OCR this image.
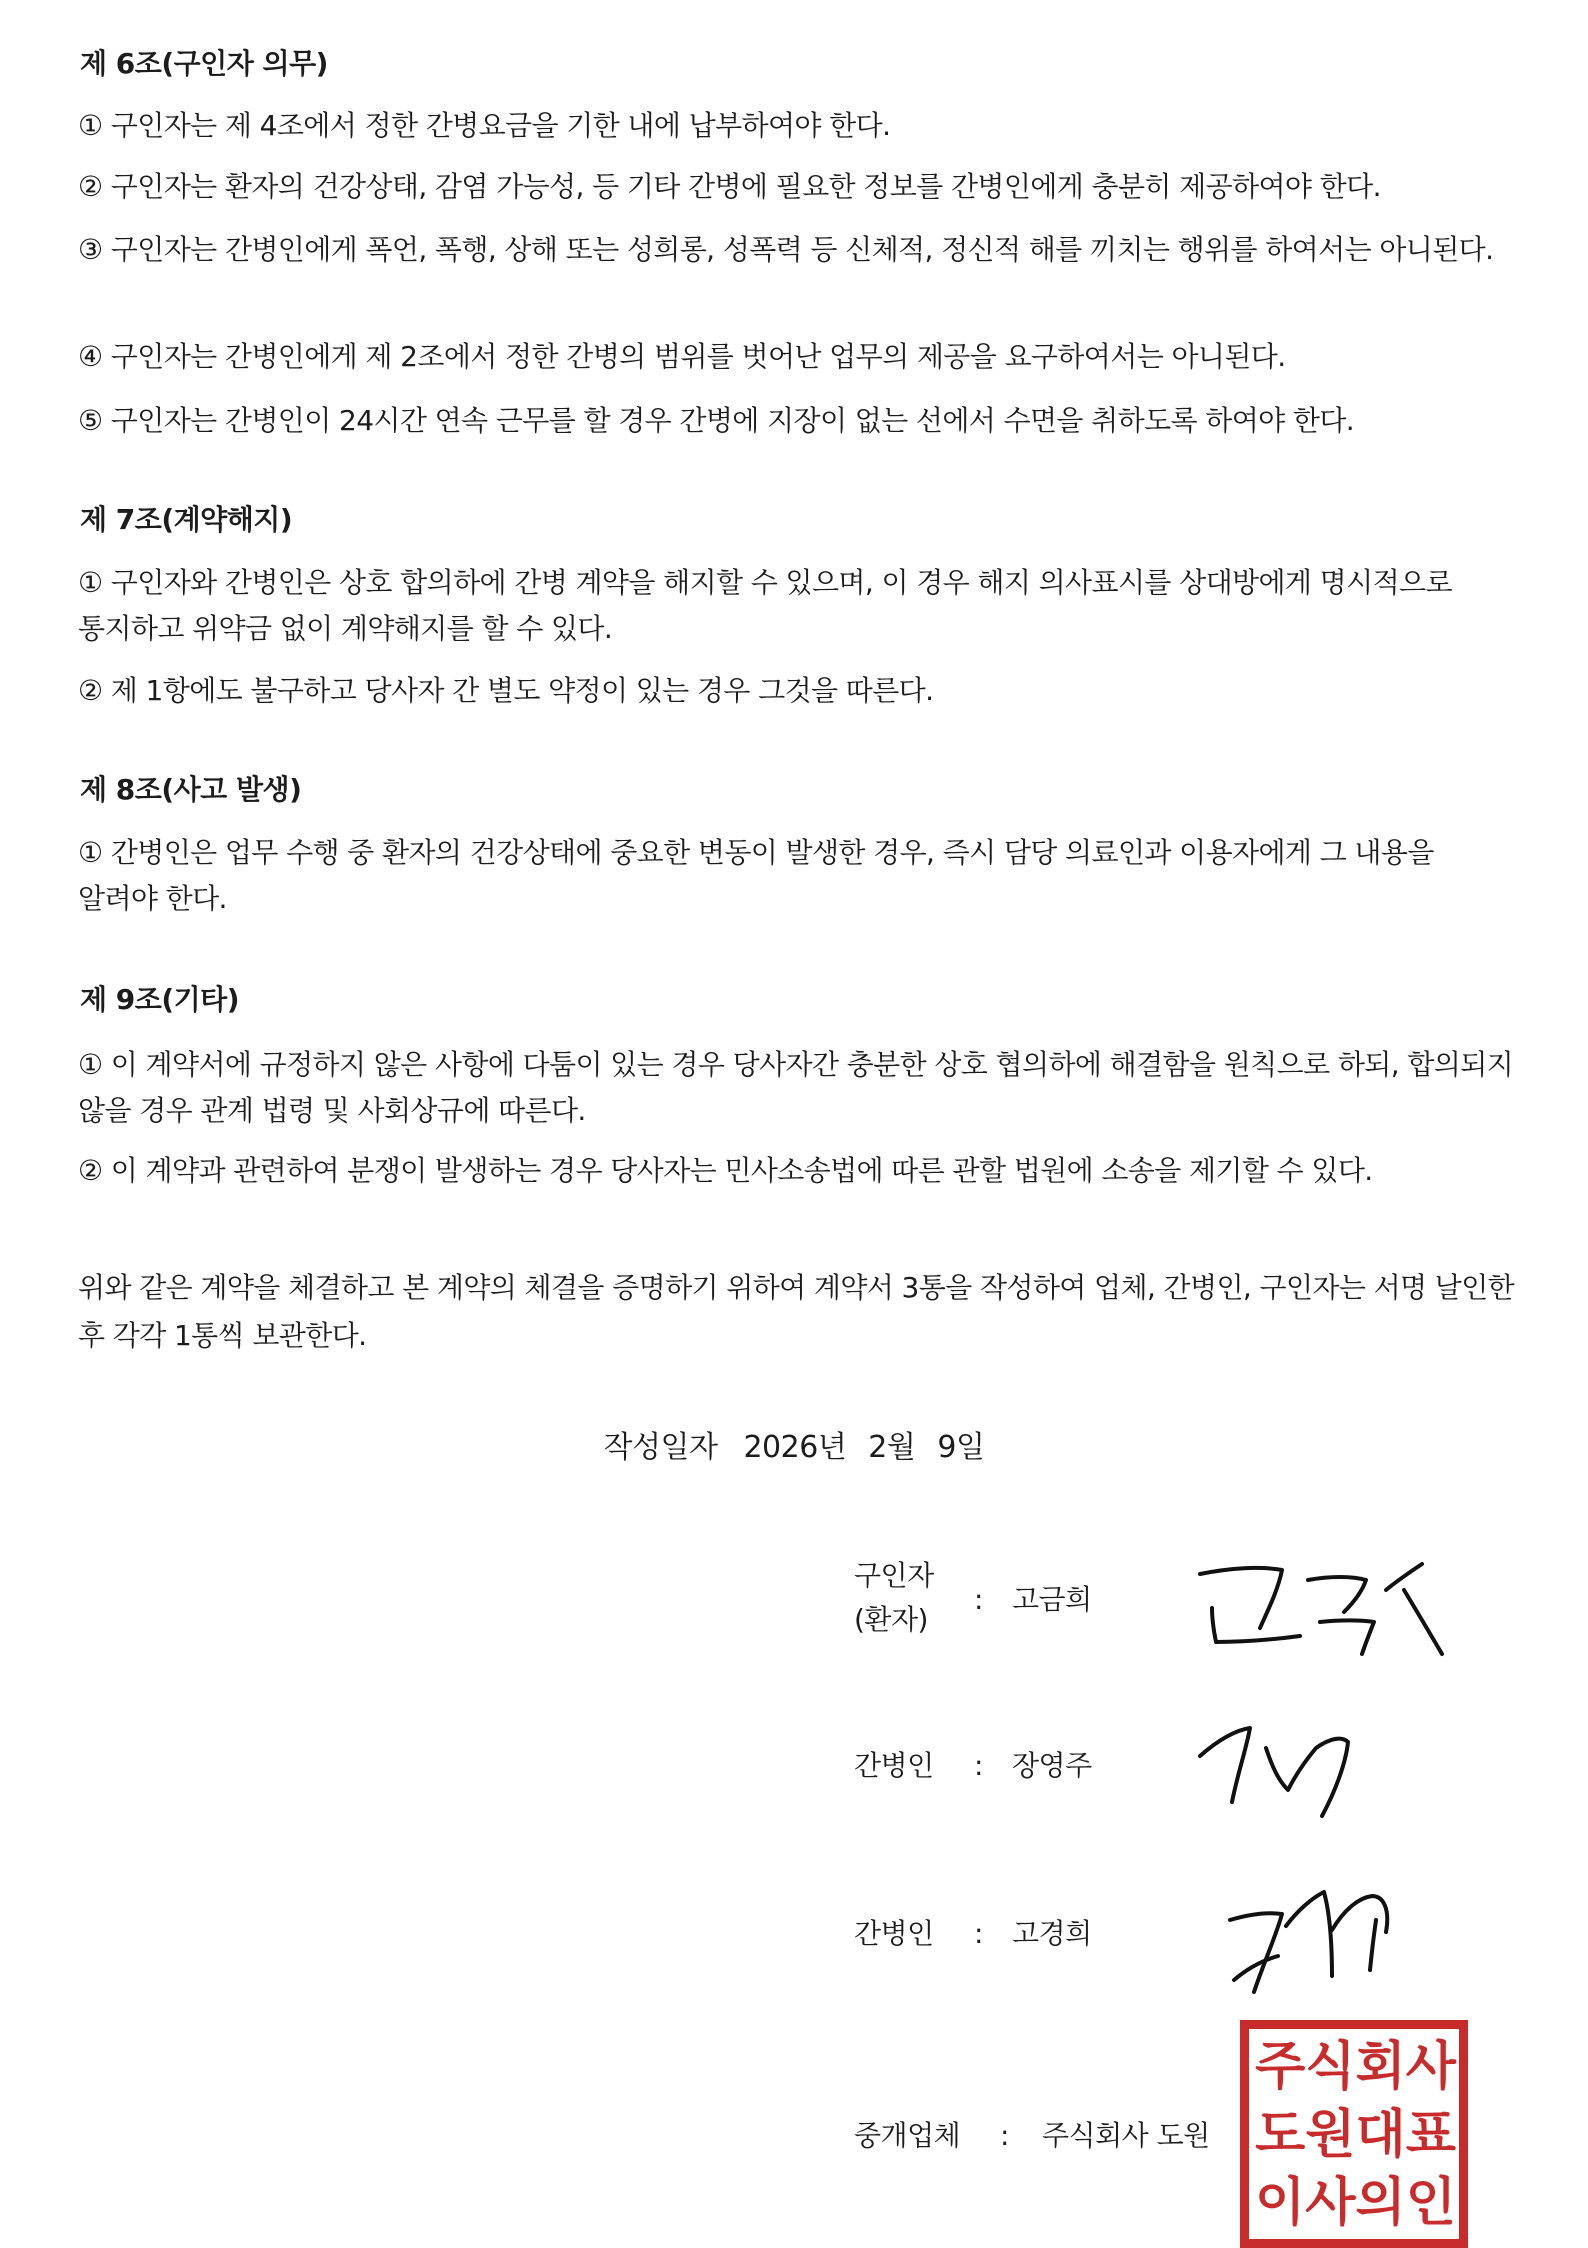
제 6조(구인자 의무)
① 구인자는 제 4조에서 정한 간병요금을 기한 내에 납부하여야 한다.
② 구인자는 환자의 건강상태, 감염 가능성, 등 기타 간병에 필요한 정보를 간병인에게 충분히 제공하여야 한다.
③ 구인자는 간병인에게 폭언, 폭행, 상해 또는 성희롱, 성폭력 등 신체적, 정신적 해를 끼치는 행위를 하여서는 아니된다.
④ 구인자는 간병인에게 제 2조에서 정한 간병의 범위를 벗어난 업무의 제공을 요구하여서는 아니된다.
⑤ 구인자는 간병인이 24시간 연속 근무를 할 경우 간병에 지장이 없는 선에서 수면을 취하도록 하여야 한다.
제 7조(계약해지)
① 구인자와 간병인은 상호 합의하에 간병 계약을 해지할 수 있으며, 이 경우 해지 의사표시를 상대방에게 명시적으로 통지하고 위약금 없이 계약해지를 할 수 있다.
② 제 1항에도 불구하고 당사자 간 별도 약정이 있는 경우 그것을 따른다.
제 8조(사고 발생)
① 간병인은 업무 수행 중 환자의 건강상태에 중요한 변동이 발생한 경우, 즉시 담당 의료인과 이용자에게 그 내용을 알려야 한다.
제 9조(기타)
① 이 계약서에 규정하지 않은 사항에 다툼이 있는 경우 당사자간 충분한 상호 협의하에 해결함을 원칙으로 하되, 합의되지 않을 경우 관계 법령 및 사회상규에 따른다.
② 이 계약과 관련하여 분쟁이 발생하는 경우 당사자는 민사소송법에 따른 관할 법원에 소송을 제기할 수 있다.
위와 같은 계약을 체결하고 본 계약의 체결을 증명하기 위하여 계약서 3통을 작성하여 업체, 간병인, 구인자는 서명 날인한 후 각각 1통씩 보관한다.
작성일자 2026년 2월 9일
구인자
(환자)
: 고금희
간병인 : 장영주
간병인 : 고경희
중개업체 : 주식회사 도원
주 식 회 사
도 원 대 표
이 사 의 인
